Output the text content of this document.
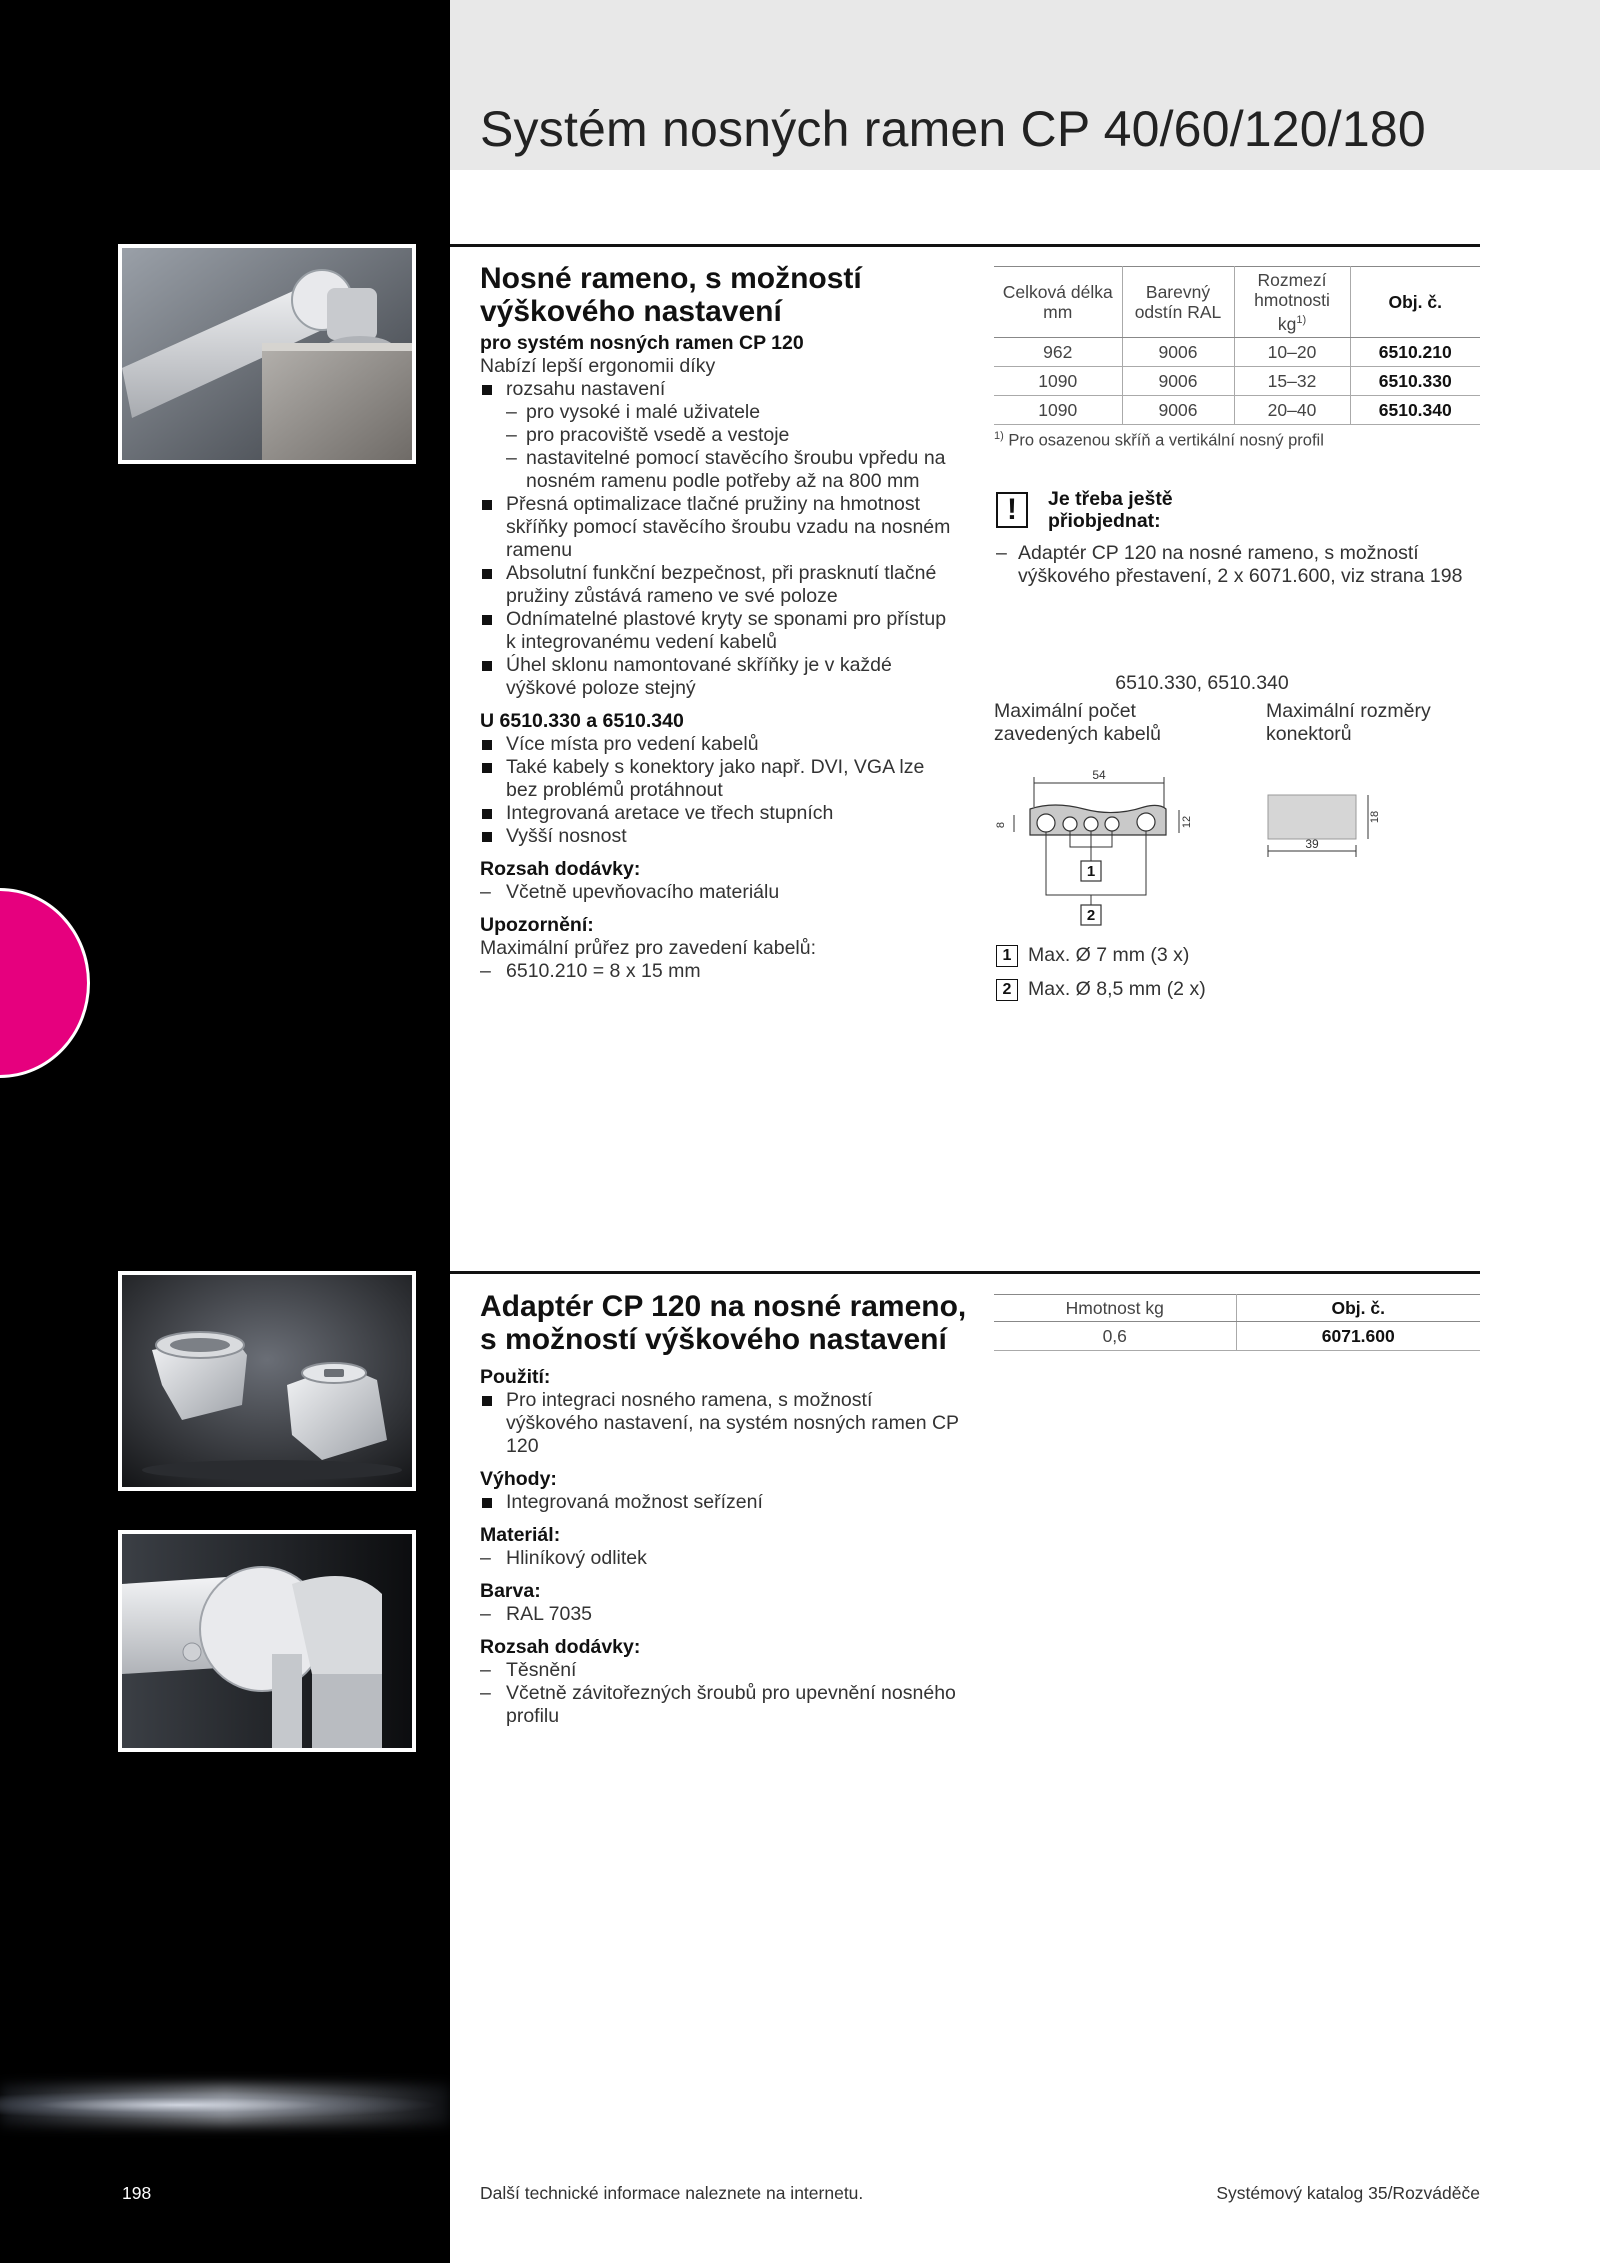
Systém nosných ramen CP 40/60/120/180
Nosné rameno, s možností výškového nastavení
pro systém nosných ramen CP 120
Nabízí lepší ergonomii díky
rozsahu nastavení
– pro vysoké i malé uživatele
– pro pracoviště vsedě a vestoje
– nastavitelné pomocí stavěcího šroubu vpředu na nosném ramenu podle potřeby až na 800 mm
Přesná optimalizace tlačné pružiny na hmotnost skříňky pomocí stavěcího šroubu vzadu na nosném ramenu
Absolutní funkční bezpečnost, při prasknutí tlačné pružiny zůstává rameno ve své poloze
Odnímatelné plastové kryty se sponami pro přístup k integrovanému vedení kabelů
Úhel sklonu namontované skříňky je v každé výškové poloze stejný
U 6510.330 a 6510.340
Více místa pro vedení kabelů
Také kabely s konektory jako např. DVI, VGA lze bez problémů protáhnout
Integrovaná aretace ve třech stupních
Vyšší nosnost
Rozsah dodávky:
– Včetně upevňovacího materiálu
Upozornění:
Maximální průřez pro zavedení kabelů:
– 6510.210 = 8 x 15 mm
Celková délka mm	Barevný odstín RAL	Rozmezí hmotnosti $kg^{1)}$	Obj. č.
962	9006	10–20	6510.210
1090	9006	15–32	6510.330
1090	9006	20–40	6510.340
$^{1)}$ Pro osazenou skříň a vertikální nosný profil
!	Je třeba ještě přiobjednat:
– Adaptér CP 120 na nosné rameno, s možností výškového přestavení, 2 x 6071.600, viz strana 198
6510.330, 6510.340
Maximální počet zavedených kabelů
Maximální rozměry konektorů
54
8	12
1
2
18
39
1 Max. Ø 7 mm (3 x)
2 Max. Ø 8,5 mm (2 x)
Adaptér CP 120 na nosné rameno, s možností výškového nastavení
Použití:
Pro integraci nosného ramena, s možností výškového nastavení, na systém nosných ramen CP 120
Výhody:
Integrovaná možnost seřízení
Materiál:
– Hliníkový odlitek
Barva:
– RAL 7035
Rozsah dodávky:
– Těsnění
– Včetně závitořezných šroubů pro upevnění nosného profilu
Hmotnost kg	Obj. č.
0,6	6071.600
198	Další technické informace naleznete na internetu.	Systémový katalog 35/Rozváděče
